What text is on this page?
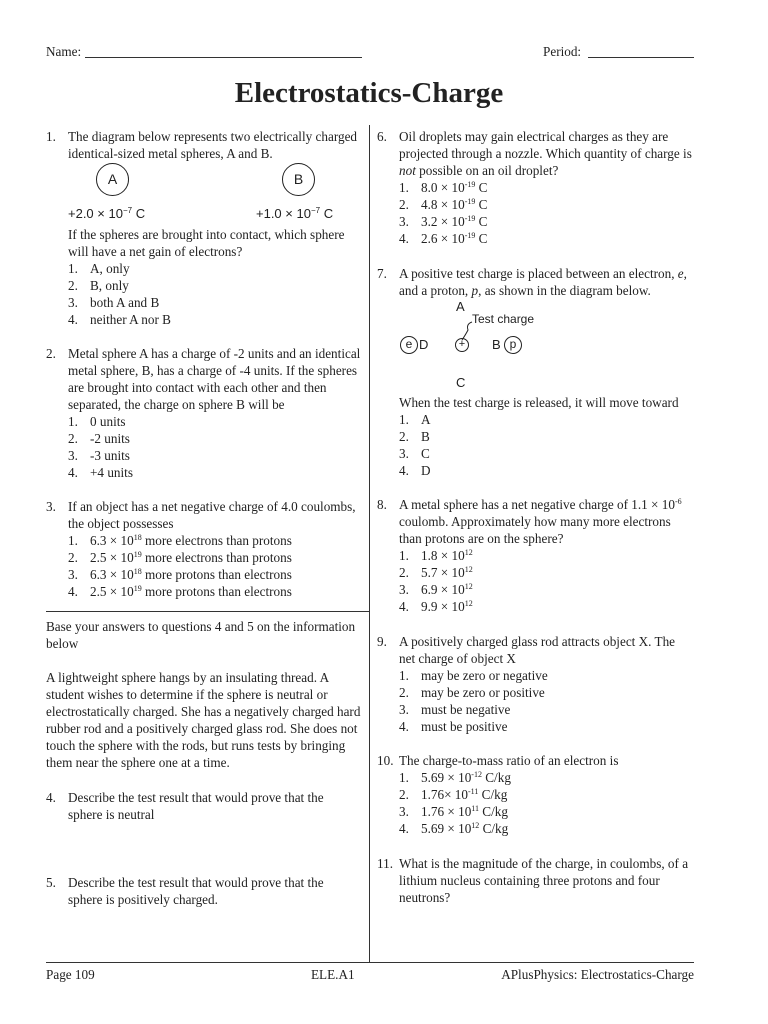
Name:	Period:
Electrostatics-Charge
1. The diagram below represents two electrically charged identical-sized metal spheres, A and B.
A	B
$+2.0 \times 10^{-7}$ C	$+1.0 \times 10^{-7}$ C
If the spheres are brought into contact, which sphere will have a net gain of electrons?
1. A, only
2. B, only
3. both A and B
4. neither A nor B
2. Metal sphere A has a charge of -2 units and an identical metal sphere, B, has a charge of -4 units. If the spheres are brought into contact with each other and then separated, the charge on sphere B will be
1. 0 units
2. -2 units
3. -3 units
4. +4 units
3. If an object has a net negative charge of 4.0 coulombs, the object possesses
1. $6.3 \times 10^{18}$ more electrons than protons
2. $2.5 \times 10^{19}$ more electrons than protons
3. $6.3 \times 10^{18}$ more protons than electrons
4. $2.5 \times 10^{19}$ more protons than electrons
Base your answers to questions 4 and 5 on the information below
A lightweight sphere hangs by an insulating thread. A student wishes to determine if the sphere is neutral or electrostatically charged. She has a negatively charged hard rubber rod and a positively charged glass rod. She does not touch the sphere with the rods, but runs tests by bringing them near the sphere one at a time.
4. Describe the test result that would prove that the sphere is neutral
5. Describe the test result that would prove that the sphere is positively charged.
6. Oil droplets may gain electrical charges as they are projected through a nozzle. Which quantity of charge is not possible on an oil droplet?
1. $8.0 \times 10^{-19}$ C
2. $4.8 \times 10^{-19}$ C
3. $3.2 \times 10^{-19}$ C
4. $2.6 \times 10^{-19}$ C
7. A positive test charge is placed between an electron, e, and a proton, p, as shown in the diagram below.
A
Test charge
e D	+ B p
C
When the test charge is released, it will move toward
1. A
2. B
3. C
4. D
8. A metal sphere has a net negative charge of $1.1 \times 10^{-6}$ coulomb. Approximately how many more electrons than protons are on the sphere?
1. $1.8 \times 10^{12}$
2. $5.7 \times 10^{12}$
3. $6.9 \times 10^{12}$
4. $9.9 \times 10^{12}$
9. A positively charged glass rod attracts object X. The net charge of object X
1. may be zero or negative
2. may be zero or positive
3. must be negative
4. must be positive
10. The charge-to-mass ratio of an electron is
1. $5.69 \times 10^{-12}$ C/kg
2. $1.76\times 10^{-11}$ C/kg
3. $1.76 \times 10^{11}$ C/kg
4. $5.69 \times 10^{12}$ C/kg
11. What is the magnitude of the charge, in coulombs, of a lithium nucleus containing three protons and four neutrons?
Page 109	ELE.A1	APlusPhysics: Electrostatics-Charge
